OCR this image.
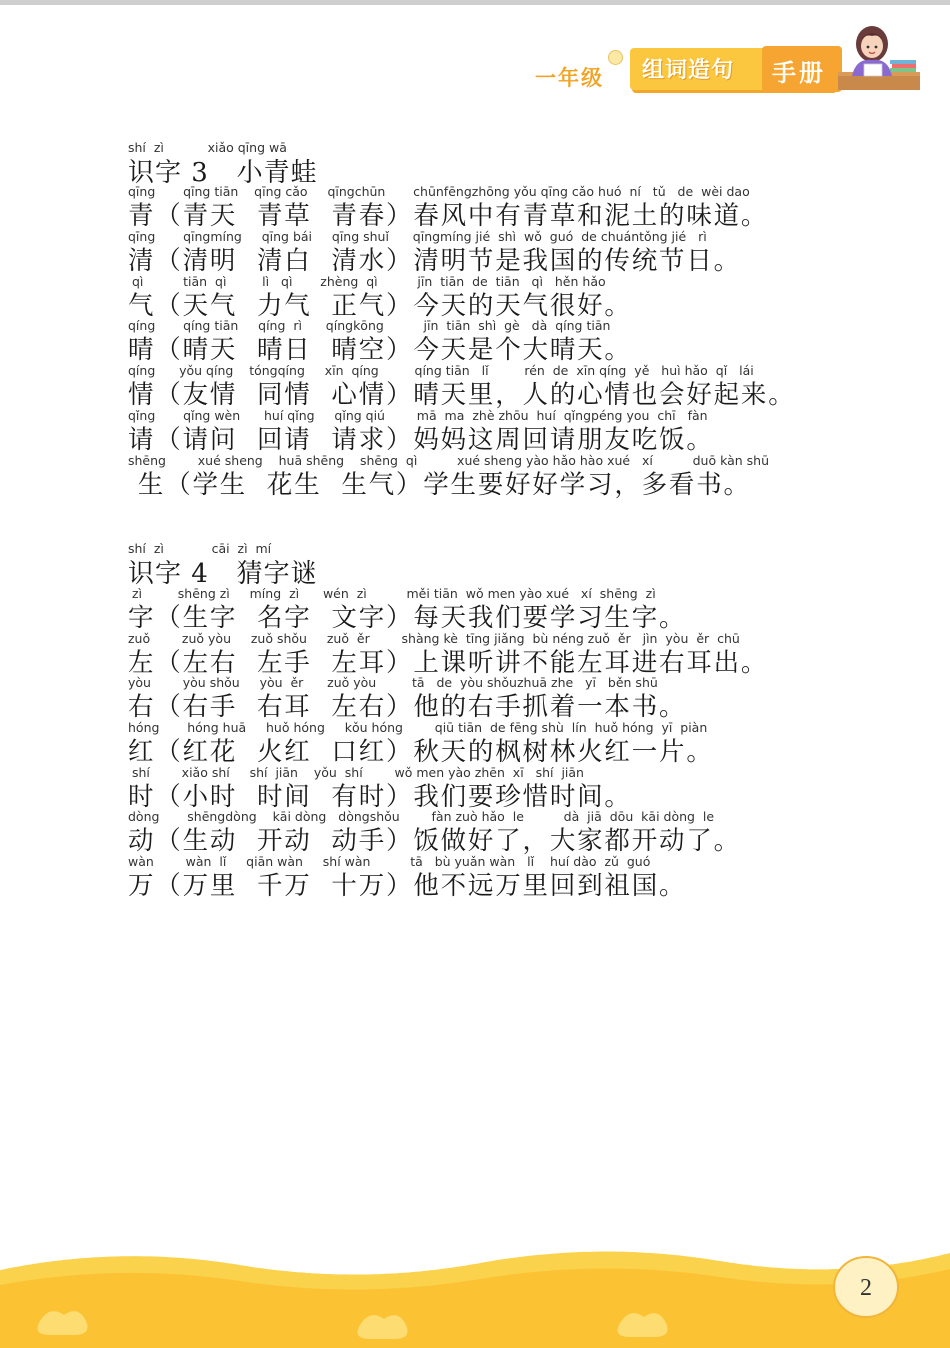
一年级 组词造句 手册
shí  zì           xiǎo qīng wā
识字 3   小青蛙
qīng       qīng tiān    qīng cǎo     qīngchūn       chūnfēngzhōng yǒu qīng cǎo huó  ní   tǔ   de  wèi dao
青（青天  青草  青春）春风中有青草和泥土的味道。
qīng       qīngmíng     qīng bái     qīng shuǐ      qīngmíng jié  shì  wǒ  guó  de chuántǒng jié   rì
清（清明  清白  清水）清明节是我国的传统节日。
qì          tiān  qì         lì   qì       zhèng  qì          jīn  tiān  de  tiān   qì   hěn hǎo
气（天气  力气  正气）今天的天气很好。
qíng       qíng tiān     qíng  rì      qíngkōng          jīn  tiān  shì  gè   dà  qíng tiān
晴（晴天  晴日  晴空）今天是个大晴天。
qíng      yǒu qíng    tóngqíng     xīn  qíng         qíng tiān   lǐ         rén  de  xīn qíng  yě   huì hǎo  qǐ   lái
情（友情  同情  心情）晴天里，人的心情也会好起来。
qǐng       qǐng wèn      huí qǐng     qǐng qiú        mā  ma  zhè zhōu  huí  qǐngpéng you  chī   fàn
请（请问  回请  请求）妈妈这周回请朋友吃饭。
shēng        xué sheng    huā shēng    shēng  qì          xué sheng yào hǎo hào xué   xí          duō kàn shū
生（学生  花生  生气）学生要好好学习，多看书。
shí  zì            cāi  zì  mí
识字 4   猜字谜
zì         shēng zì     míng  zì      wén  zì          měi tiān  wǒ men yào xué   xí  shēng  zì
字（生字  名字  文字）每天我们要学习生字。
zuǒ        zuǒ yòu     zuǒ shǒu     zuǒ  ěr        shàng kè  tīng jiǎng  bù néng zuǒ  ěr   jìn  yòu  ěr  chū
左（左右  左手  左耳）上课听讲不能左耳进右耳出。
yòu        yòu shǒu     yòu  ěr      zuǒ yòu         tā   de  yòu shǒuzhuā zhe   yī   běn shū
右（右手  右耳  左右）他的右手抓着一本书。
hóng       hóng huā     huǒ hóng     kǒu hóng        qiū tiān  de fēng shù  lín  huǒ hóng  yī  piàn
红（红花  火红  口红）秋天的枫树林火红一片。
shí        xiǎo shí     shí  jiān    yǒu  shí        wǒ men yào zhēn  xī   shí  jiān
时（小时  时间  有时）我们要珍惜时间。
dòng       shēngdòng    kāi dòng   dòngshǒu        fàn zuò hǎo  le          dà  jiā  dōu  kāi dòng  le
动（生动  开动  动手）饭做好了，大家都开动了。
wàn        wàn  lǐ     qiān wàn     shí wàn          tā   bù yuǎn wàn   lǐ    huí dào  zǔ  guó
万（万里  千万  十万）他不远万里回到祖国。
2
